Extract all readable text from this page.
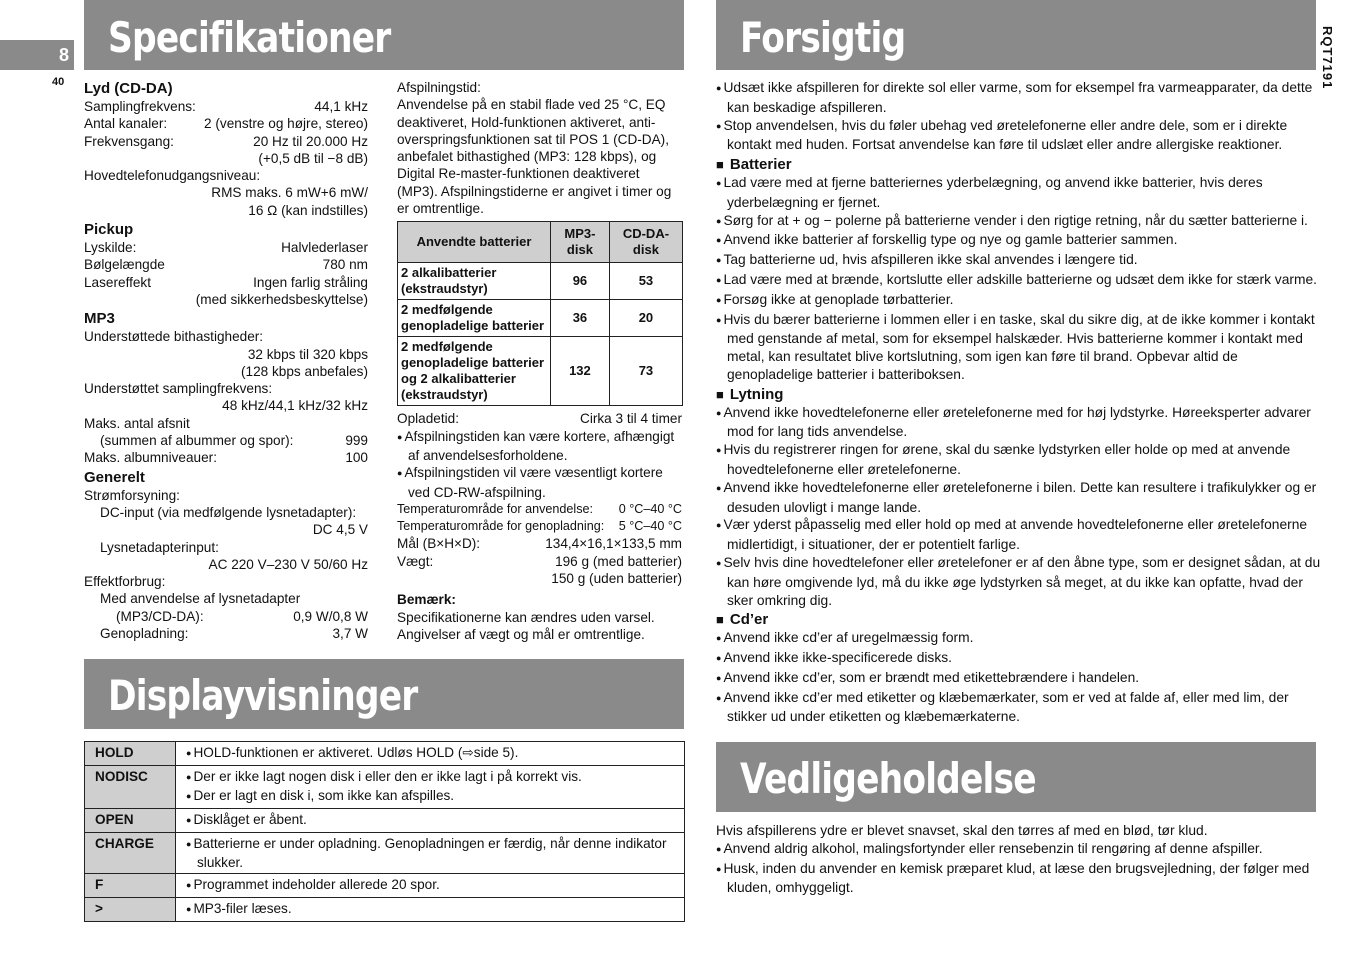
8
40	RQT7191
Specifikationer	Forsigtig
Displayvisninger
Vedligeholdelse
Lyd (CD-DA)
Samplingfrekvens:	44,1 kHz
Antal kanaler:	2 (venstre og højre, stereo)
Frekvensgang:	20 Hz til 20.000 Hz
(+0,5 dB til −8 dB)
Hovedtelefonudgangsniveau:
RMS maks. 6 mW+6 mW/
16 Ω (kan indstilles)
Pickup
Lyskilde:	Halvlederlaser
Bølgelængde	780 nm
Lasereffekt	Ingen farlig stråling
(med sikkerhedsbeskyttelse)
MP3
Understøttede bithastigheder:
32 kbps til 320 kbps
(128 kbps anbefales)
Understøttet samplingfrekvens:
48 kHz/44,1 kHz/32 kHz
Maks. antal afsnit
(summen af albummer og spor):	999
Maks. albumniveauer:	100
Generelt
Strømforsyning:
DC-input (via medfølgende lysnetadapter):
DC 4,5 V
Lysnetadapterinput:
AC 220 V–230 V 50/60 Hz
Effektforbrug:
Med anvendelse af lysnetadapter
(MP3/CD-DA):	0,9 W/0,8 W
Genopladning:	3,7 W
Afspilningstid:
Anvendelse på en stabil flade ved 25 °C, EQ deaktiveret, Hold-funktionen aktiveret, anti-overspringsfunktionen sat til POS 1 (CD-DA), anbefalet bithastighed (MP3: 128 kbps), og Digital Re-master-funktionen deaktiveret (MP3). Afspilningstiderne er angivet i timer og er omtrentlige.
Anvendte batterier	MP3-disk	CD-DA-disk
2 alkalibatterier (ekstraudstyr)	96	53
2 medfølgende genopladelige batterier	36	20
2 medfølgende genopladelige batterier og 2 alkalibatterier (ekstraudstyr)	132	73
Opladetid:	Cirka 3 til 4 timer
● Afspilningstiden kan være kortere, afhængigt af anvendelsesforholdene.
● Afspilningstiden vil være væsentligt kortere ved CD-RW-afspilning.
Temperaturområde for anvendelse: 0 °C–40 °C
Temperaturområde for genopladning: 5 °C–40 °C
Mål (B×H×D):	134,4×16,1×133,5 mm
Vægt:	196 g (med batterier)
150 g (uden batterier)
Bemærk:
Specifikationerne kan ændres uden varsel. Angivelser af vægt og mål er omtrentlige.
HOLD	● HOLD-funktionen er aktiveret. Udløs HOLD (⇨side 5).

NODISC	● Der er ikke lagt nogen disk i eller den er ikke lagt i på korrekt vis.
● Der er lagt en disk i, som ikke kan afspilles.

OPEN	● Disklåget er åbent.

CHARGE	● Batterierne er under opladning. Genopladningen er færdig, når denne indikator slukker.

F	● Programmet indeholder allerede 20 spor.

>	● MP3-filer læses.
● Udsæt ikke afspilleren for direkte sol eller varme, som for eksempel fra varmeapparater, da dette kan beskadige afspilleren.
● Stop anvendelsen, hvis du føler ubehag ved øretelefonerne eller andre dele, som er i direkte kontakt med huden. Fortsat anvendelse kan føre til udslæt eller andre allergiske reaktioner.
■ Batterier
● Lad være med at fjerne batteriernes yderbelægning, og anvend ikke batterier, hvis deres yderbelægning er fjernet.
● Sørg for at + og − polerne på batterierne vender i den rigtige retning, når du sætter batterierne i.
● Anvend ikke batterier af forskellig type og nye og gamle batterier sammen.
● Tag batterierne ud, hvis afspilleren ikke skal anvendes i længere tid.
● Lad være med at brænde, kortslutte eller adskille batterierne og udsæt dem ikke for stærk varme.
● Forsøg ikke at genoplade tørbatterier.
● Hvis du bærer batterierne i lommen eller i en taske, skal du sikre dig, at de ikke kommer i kontakt med genstande af metal, som for eksempel halskæder. Hvis batterierne kommer i kontakt med metal, kan resultatet blive kortslutning, som igen kan føre til brand. Opbevar altid de genopladelige batterier i batteriboksen.
■ Lytning
● Anvend ikke hovedtelefonerne eller øretelefonerne med for høj lydstyrke. Høreeksperter advarer mod for lang tids anvendelse.
● Hvis du registrerer ringen for ørene, skal du sænke lydstyrken eller holde op med at anvende hovedtelefonerne eller øretelefonerne.
● Anvend ikke hovedtelefonerne eller øretelefonerne i bilen. Dette kan resultere i trafikulykker og er desuden ulovligt i mange lande.
● Vær yderst påpasselig med eller hold op med at anvende hovedtelefonerne eller øretelefonerne midlertidigt, i situationer, der er potentielt farlige.
● Selv hvis dine hovedtelefoner eller øretelefoner er af den åbne type, som er designet sådan, at du kan høre omgivende lyd, må du ikke øge lydstyrken så meget, at du ikke kan opfatte, hvad der sker omkring dig.
■ Cd’er
● Anvend ikke cd’er af uregelmæssig form.
● Anvend ikke ikke-specificerede disks.
● Anvend ikke cd’er, som er brændt med etikettebrændere i handelen.
● Anvend ikke cd’er med etiketter og klæbemærkater, som er ved at falde af, eller med lim, der stikker ud under etiketten og klæbemærkaterne.
Hvis afspillerens ydre er blevet snavset, skal den tørres af med en blød, tør klud.
● Anvend aldrig alkohol, malingsfortynder eller rensebenzin til rengøring af denne afspiller.
● Husk, inden du anvender en kemisk præparet klud, at læse den brugsvejledning, der følger med kluden, omhyggeligt.
